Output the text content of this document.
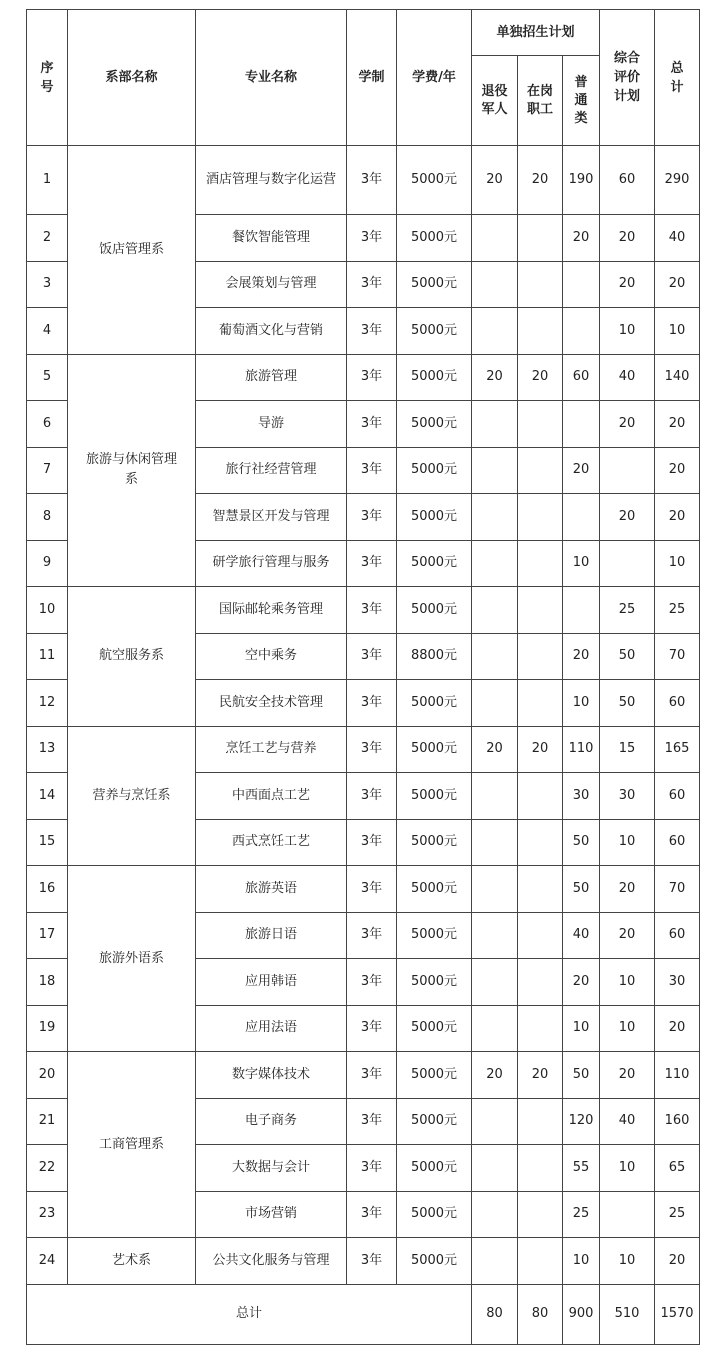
序号	系部名称	专业名称	学制	学费/年	单独招生计划			综合评价计划	总计
					退役军人	在岗职工	普通类		
1	饭店管理系	酒店管理与数字化运营	3年	5000元	20	20	190	60	290
2		餐饮智能管理	3年	5000元			20	20	40
3		会展策划与管理	3年	5000元				20	20
4		葡萄酒文化与营销	3年	5000元				10	10
5	旅游与休闲管理系	旅游管理	3年	5000元	20	20	60	40	140
6		导游	3年	5000元				20	20
7		旅行社经营管理	3年	5000元			20		20
8		智慧景区开发与管理	3年	5000元				20	20
9		研学旅行管理与服务	3年	5000元			10		10
10	航空服务系	国际邮轮乘务管理	3年	5000元				25	25
11		空中乘务	3年	8800元			20	50	70
12		民航安全技术管理	3年	5000元			10	50	60
13	营养与烹饪系	烹饪工艺与营养	3年	5000元	20	20	110	15	165
14		中西面点工艺	3年	5000元			30	30	60
15		西式烹饪工艺	3年	5000元			50	10	60
16	旅游外语系	旅游英语	3年	5000元			50	20	70
17		旅游日语	3年	5000元			40	20	60
18		应用韩语	3年	5000元			20	10	30
19		应用法语	3年	5000元			10	10	20
20	工商管理系	数字媒体技术	3年	5000元	20	20	50	20	110
21		电子商务	3年	5000元			120	40	160
22		大数据与会计	3年	5000元			55	10	65
23		市场营销	3年	5000元			25		25
24	艺术系	公共文化服务与管理	3年	5000元			10	10	20
总计					80	80	900	510	1570
